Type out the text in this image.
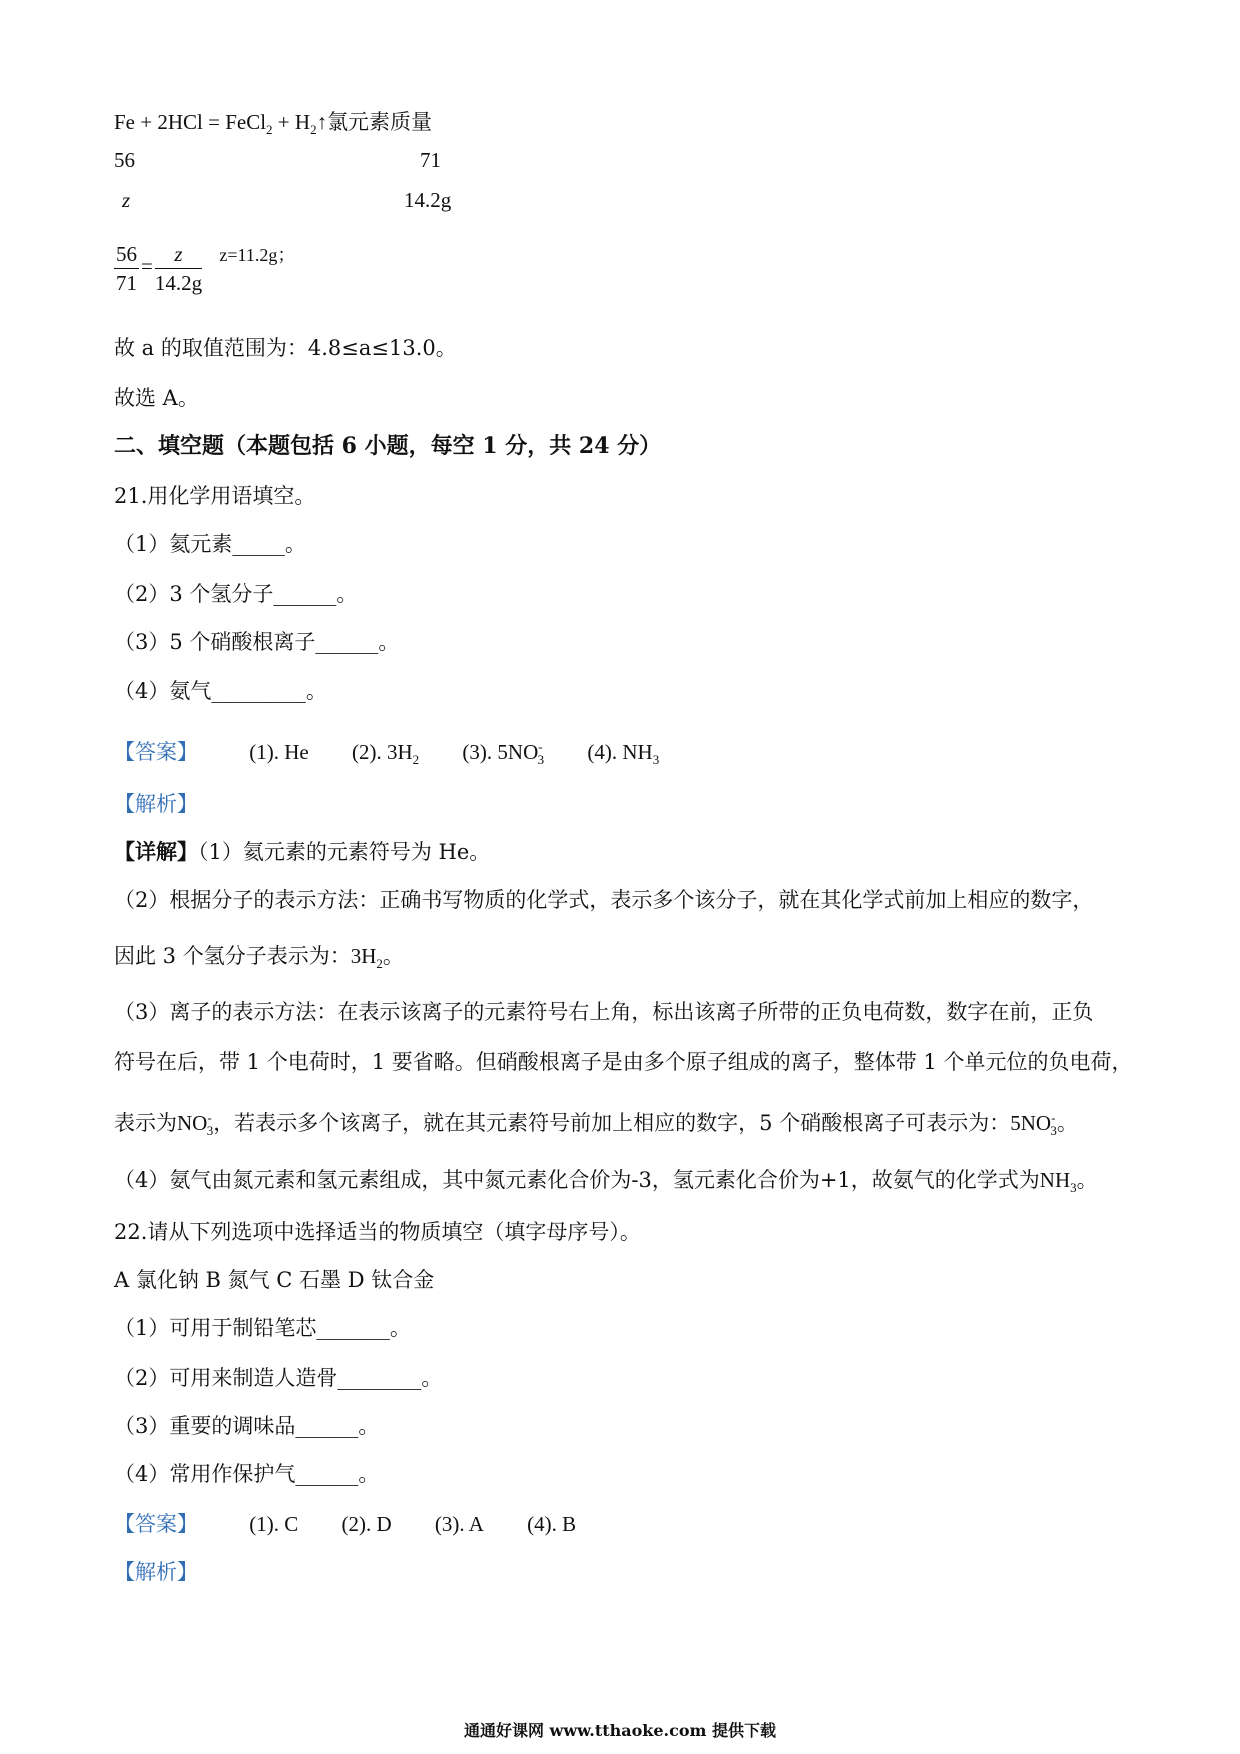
Fe + 2HCl = FeCl$_2$ + $H_2↑$氯元素质量
56	71
z	14.2g
$\frac{56}{71} = \frac{z}{14.2g} z=11.2g$；
故 a 的取值范围为：4.8≤a≤13.0。
故选 A。
二、填空题（本题包括 6 小题，每空 1 分，共 24 分）
21.用化学用语填空。
（1）氦元素_____。
（2）3 个氢分子______。
（3）5 个硝酸根离子______。
（4）氨气_________。
【答案】 (1). He (2). $3H_2$ (3). $5NO^-_3$ (4). $NH_3$
【解析】
【详解】（1）氦元素的元素符号为 He。
（2）根据分子的表示方法：正确书写物质的化学式，表示多个该分子，就在其化学式前加上相应的数字，
因此 3 个氢分子表示为：$3H_2$。
（3）离子的表示方法：在表示该离子的元素符号右上角，标出该离子所带的正负电荷数，数字在前，正负
符号在后，带 1 个电荷时，1 要省略。但硝酸根离子是由多个原子组成的离子，整体带 1 个单元位的负电荷，
表示为$NO^-_3$，若表示多个该离子，就在其元素符号前加上相应的数字，5 个硝酸根离子可表示为：$5NO^-_3$。
（4）氨气由氮元素和氢元素组成，其中氮元素化合价为-3，氢元素化合价为+1，故氨气的化学式为$NH_3$。
22.请从下列选项中选择适当的物质填空（填字母序号）。
A 氯化钠 B 氮气 C 石墨 D 钛合金
（1）可用于制铅笔芯_______。
（2）可用来制造人造骨________。
（3）重要的调味品______。
（4）常用作保护气______。
【答案】 (1). C (2). D (3). A (4). B
【解析】
通通好课网 www.tthaoke.com 提供下载
